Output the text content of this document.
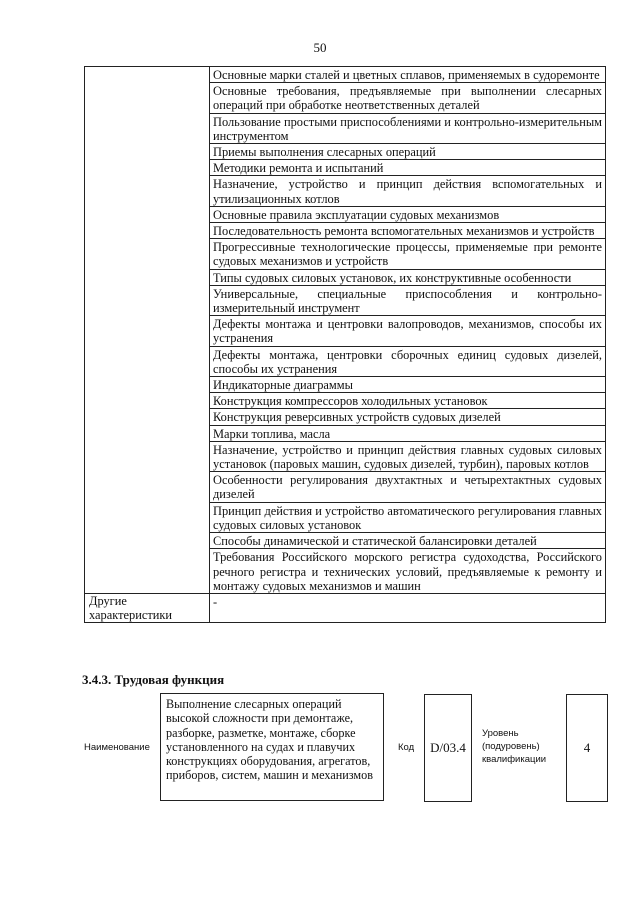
50
	Основные марки сталей и цветных сплавов, применяемых в судоремонте
	Основные требования, предъявляемые при выполнении слесарных операций при обработке неответственных деталей
	Пользование простыми приспособлениями и контрольно-измерительным инструментом
	Приемы выполнения слесарных операций
	Методики ремонта и испытаний
	Назначение, устройство и принцип действия вспомогательных и утилизационных котлов
	Основные правила эксплуатации судовых механизмов
	Последовательность ремонта вспомогательных механизмов и устройств
	Прогрессивные технологические процессы, применяемые при ремонте судовых механизмов и устройств
	Типы судовых силовых установок, их конструктивные особенности
	Универсальные, специальные приспособления и контрольно-измерительный инструмент
	Дефекты монтажа и центровки валопроводов, механизмов, способы их устранения
	Дефекты монтажа, центровки сборочных единиц судовых дизелей, способы их устранения
	Индикаторные диаграммы
	Конструкция компрессоров холодильных установок
	Конструкция реверсивных устройств судовых дизелей
	Марки топлива, масла
	Назначение, устройство и принцип действия главных судовых силовых установок (паровых машин, судовых дизелей, турбин), паровых котлов
	Особенности регулирования двухтактных и четырехтактных судовых дизелей
	Принцип действия и устройство автоматического регулирования главных судовых силовых установок
	Способы динамической и статической балансировки деталей
	Требования Российского морского регистра судоходства, Российского речного регистра и технических условий, предъявляемые к ремонту и монтажу судовых механизмов и машин
Другие характеристики	-
3.4.3. Трудовая функция
Наименование
Выполнение слесарных операций высокой сложности при демонтаже, разборке, разметке, монтаже, сборке установленного на судах и плавучих конструкциях оборудования, агрегатов, приборов, систем, машин и механизмов
Код	D/03.4
Уровень (подуровень) квалификации
4
